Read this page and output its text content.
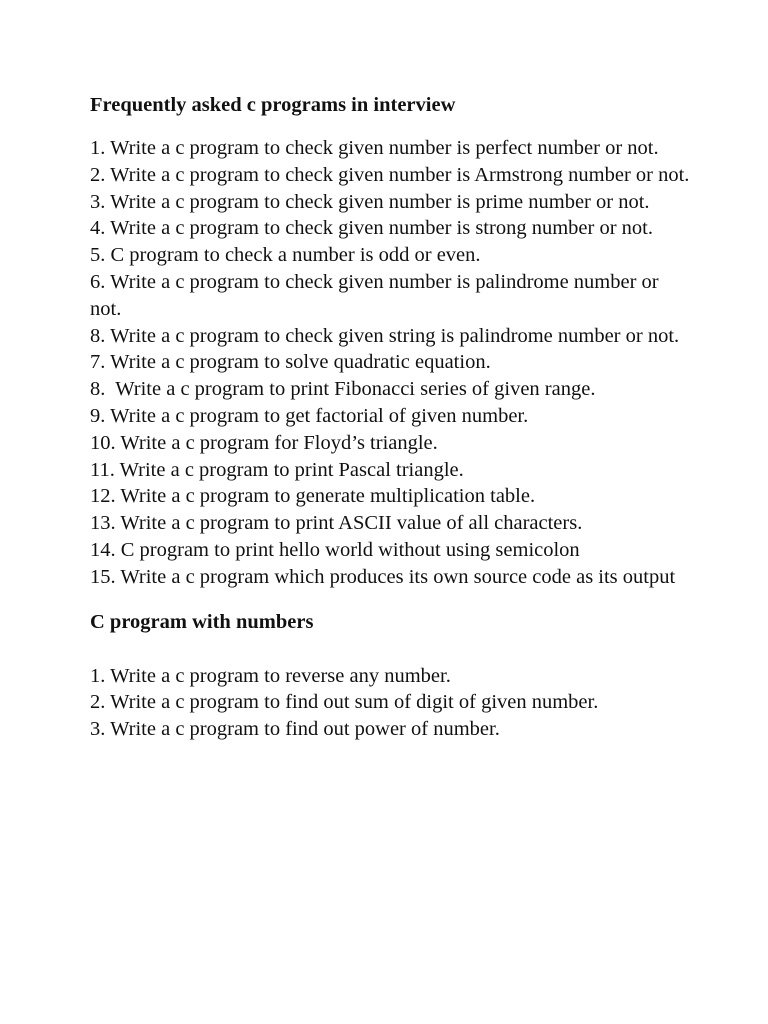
Frequently asked c programs in interview
1. Write a c program to check given number is perfect number or not.
2. Write a c program to check given number is Armstrong number or not.
3. Write a c program to check given number is prime number or not.
4. Write a c program to check given number is strong number or not.
5. C program to check a number is odd or even.
6. Write a c program to check given number is palindrome number or not.
8. Write a c program to check given string is palindrome number or not.
7. Write a c program to solve quadratic equation.
8.  Write a c program to print Fibonacci series of given range.
9. Write a c program to get factorial of given number.
10. Write a c program for Floyd’s triangle.
11. Write a c program to print Pascal triangle.
12. Write a c program to generate multiplication table.
13. Write a c program to print ASCII value of all characters.
14. C program to print hello world without using semicolon
15. Write a c program which produces its own source code as its output
C program with numbers
1. Write a c program to reverse any number.
2. Write a c program to find out sum of digit of given number.
3. Write a c program to find out power of number.
